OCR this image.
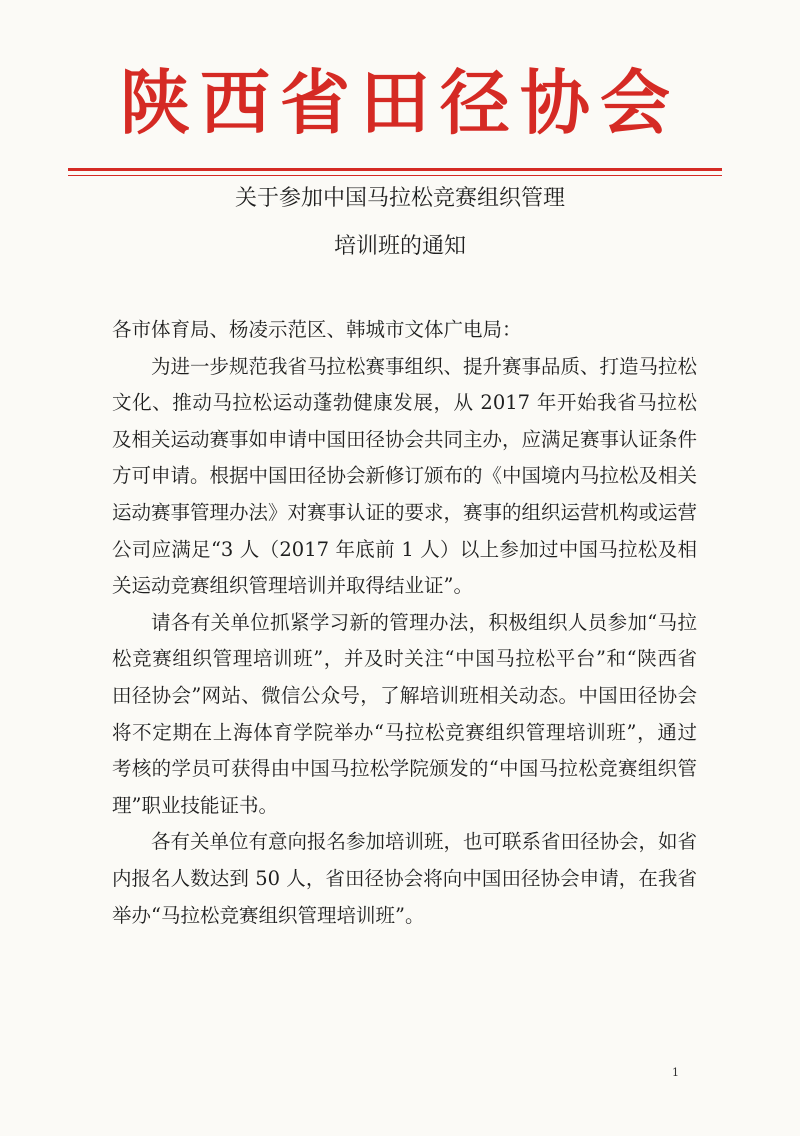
陕西省田径协会
关于参加中国马拉松竞赛组织管理
培训班的通知

各市体育局、杨凌示范区、韩城市文体广电局：

为进一步规范我省马拉松赛事组织、提升赛事品质、打造马拉松文化、推动马拉松运动蓬勃健康发展，从 2017 年开始我省马拉松及相关运动赛事如申请中国田径协会共同主办，应满足赛事认证条件方可申请。根据中国田径协会新修订颁布的《中国境内马拉松及相关运动赛事管理办法》对赛事认证的要求，赛事的组织运营机构或运营公司应满足“3 人（2017 年底前 1 人）以上参加过中国马拉松及相关运动竞赛组织管理培训并取得结业证”。

请各有关单位抓紧学习新的管理办法，积极组织人员参加“马拉松竞赛组织管理培训班”，并及时关注“中国马拉松平台”和“陕西省田径协会”网站、微信公众号，了解培训班相关动态。中国田径协会将不定期在上海体育学院举办“马拉松竞赛组织管理培训班”，通过考核的学员可获得由中国马拉松学院颁发的“中国马拉松竞赛组织管理”职业技能证书。

各有关单位有意向报名参加培训班，也可联系省田径协会，如省内报名人数达到 50 人，省田径协会将向中国田径协会申请，在我省举办“马拉松竞赛组织管理培训班”。

1
